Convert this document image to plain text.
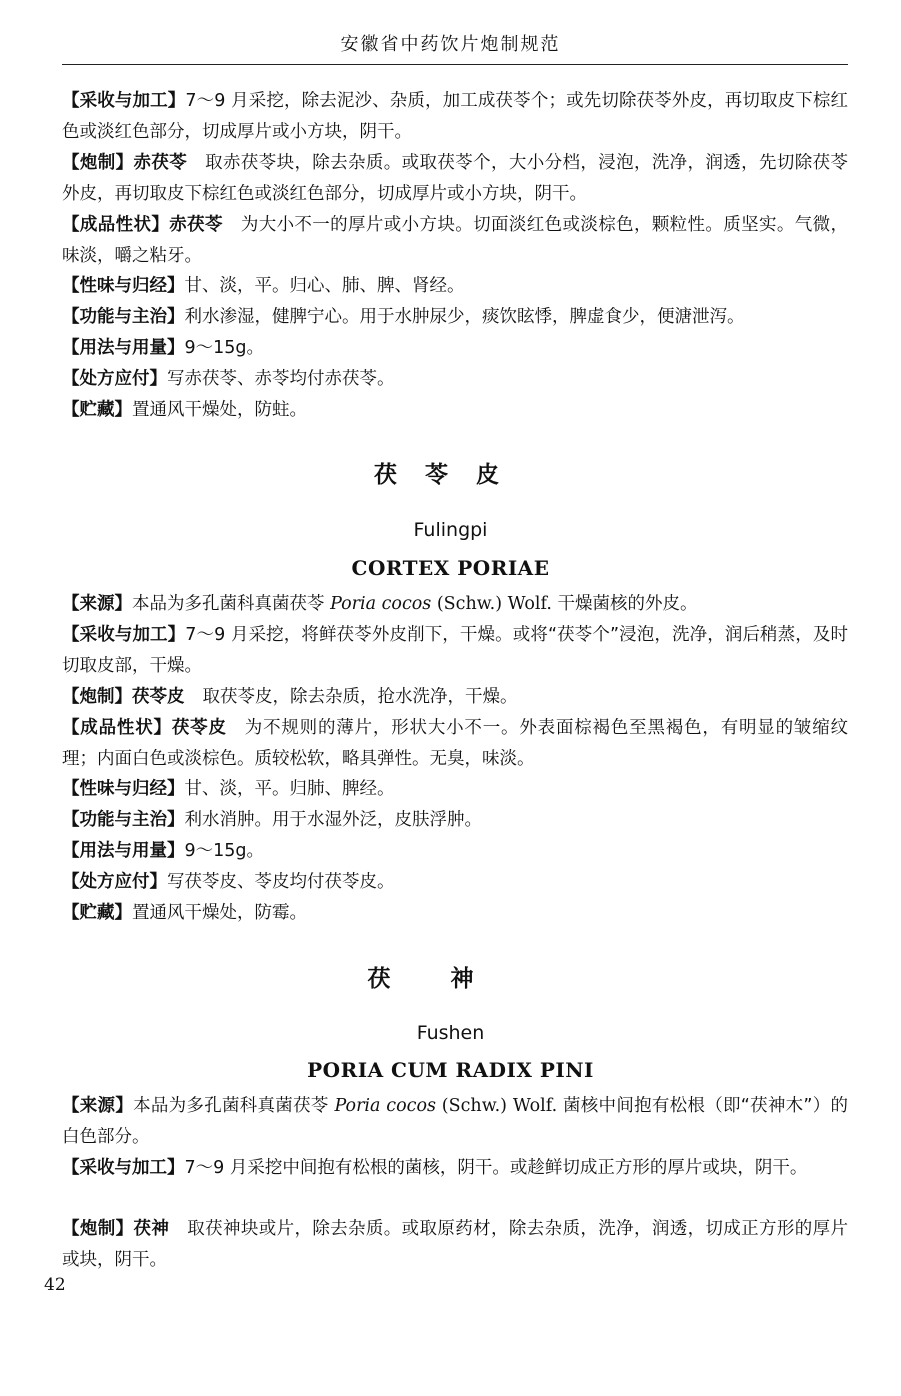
安徽省中药饮片炮制规范
【采收与加工】7～9 月采挖，除去泥沙、杂质，加工成茯苓个；或先切除茯苓外皮，再切取皮下棕红色或淡红色部分，切成厚片或小方块，阴干。
【炮制】赤茯苓 取赤茯苓块，除去杂质。或取茯苓个，大小分档，浸泡，洗净，润透，先切除茯苓外皮，再切取皮下棕红色或淡红色部分，切成厚片或小方块，阴干。
【成品性状】赤茯苓 为大小不一的厚片或小方块。切面淡红色或淡棕色，颗粒性。质坚实。气微，味淡，嚼之粘牙。
【性味与归经】甘、淡，平。归心、肺、脾、肾经。
【功能与主治】利水渗湿，健脾宁心。用于水肿尿少，痰饮眩悸，脾虚食少，便溏泄泻。
【用法与用量】9～15g。
【处方应付】写赤茯苓、赤苓均付赤茯苓。
【贮藏】置通风干燥处，防蛀。
茯苓皮
Fulingpi
CORTEX PORIAE
【来源】本品为多孔菌科真菌茯苓 Poria cocos (Schw.) Wolf. 干燥菌核的外皮。
【采收与加工】7～9 月采挖，将鲜茯苓外皮削下，干燥。或将“茯苓个”浸泡，洗净，润后稍蒸，及时切取皮部，干燥。
【炮制】茯苓皮 取茯苓皮，除去杂质，抢水洗净，干燥。
【成品性状】茯苓皮 为不规则的薄片，形状大小不一。外表面棕褐色至黑褐色，有明显的皱缩纹理；内面白色或淡棕色。质较松软，略具弹性。无臭，味淡。
【性味与归经】甘、淡，平。归肺、脾经。
【功能与主治】利水消肿。用于水湿外泛，皮肤浮肿。
【用法与用量】9～15g。
【处方应付】写茯苓皮、苓皮均付茯苓皮。
【贮藏】置通风干燥处，防霉。
茯神
Fushen
PORIA CUM RADIX PINI
【来源】本品为多孔菌科真菌茯苓 Poria cocos (Schw.) Wolf. 菌核中间抱有松根（即“茯神木”）的白色部分。
【采收与加工】7～9 月采挖中间抱有松根的菌核，阴干。或趁鲜切成正方形的厚片或块，阴干。
【炮制】茯神 取茯神块或片，除去杂质。或取原药材，除去杂质，洗净，润透，切成正方形的厚片或块，阴干。
42
